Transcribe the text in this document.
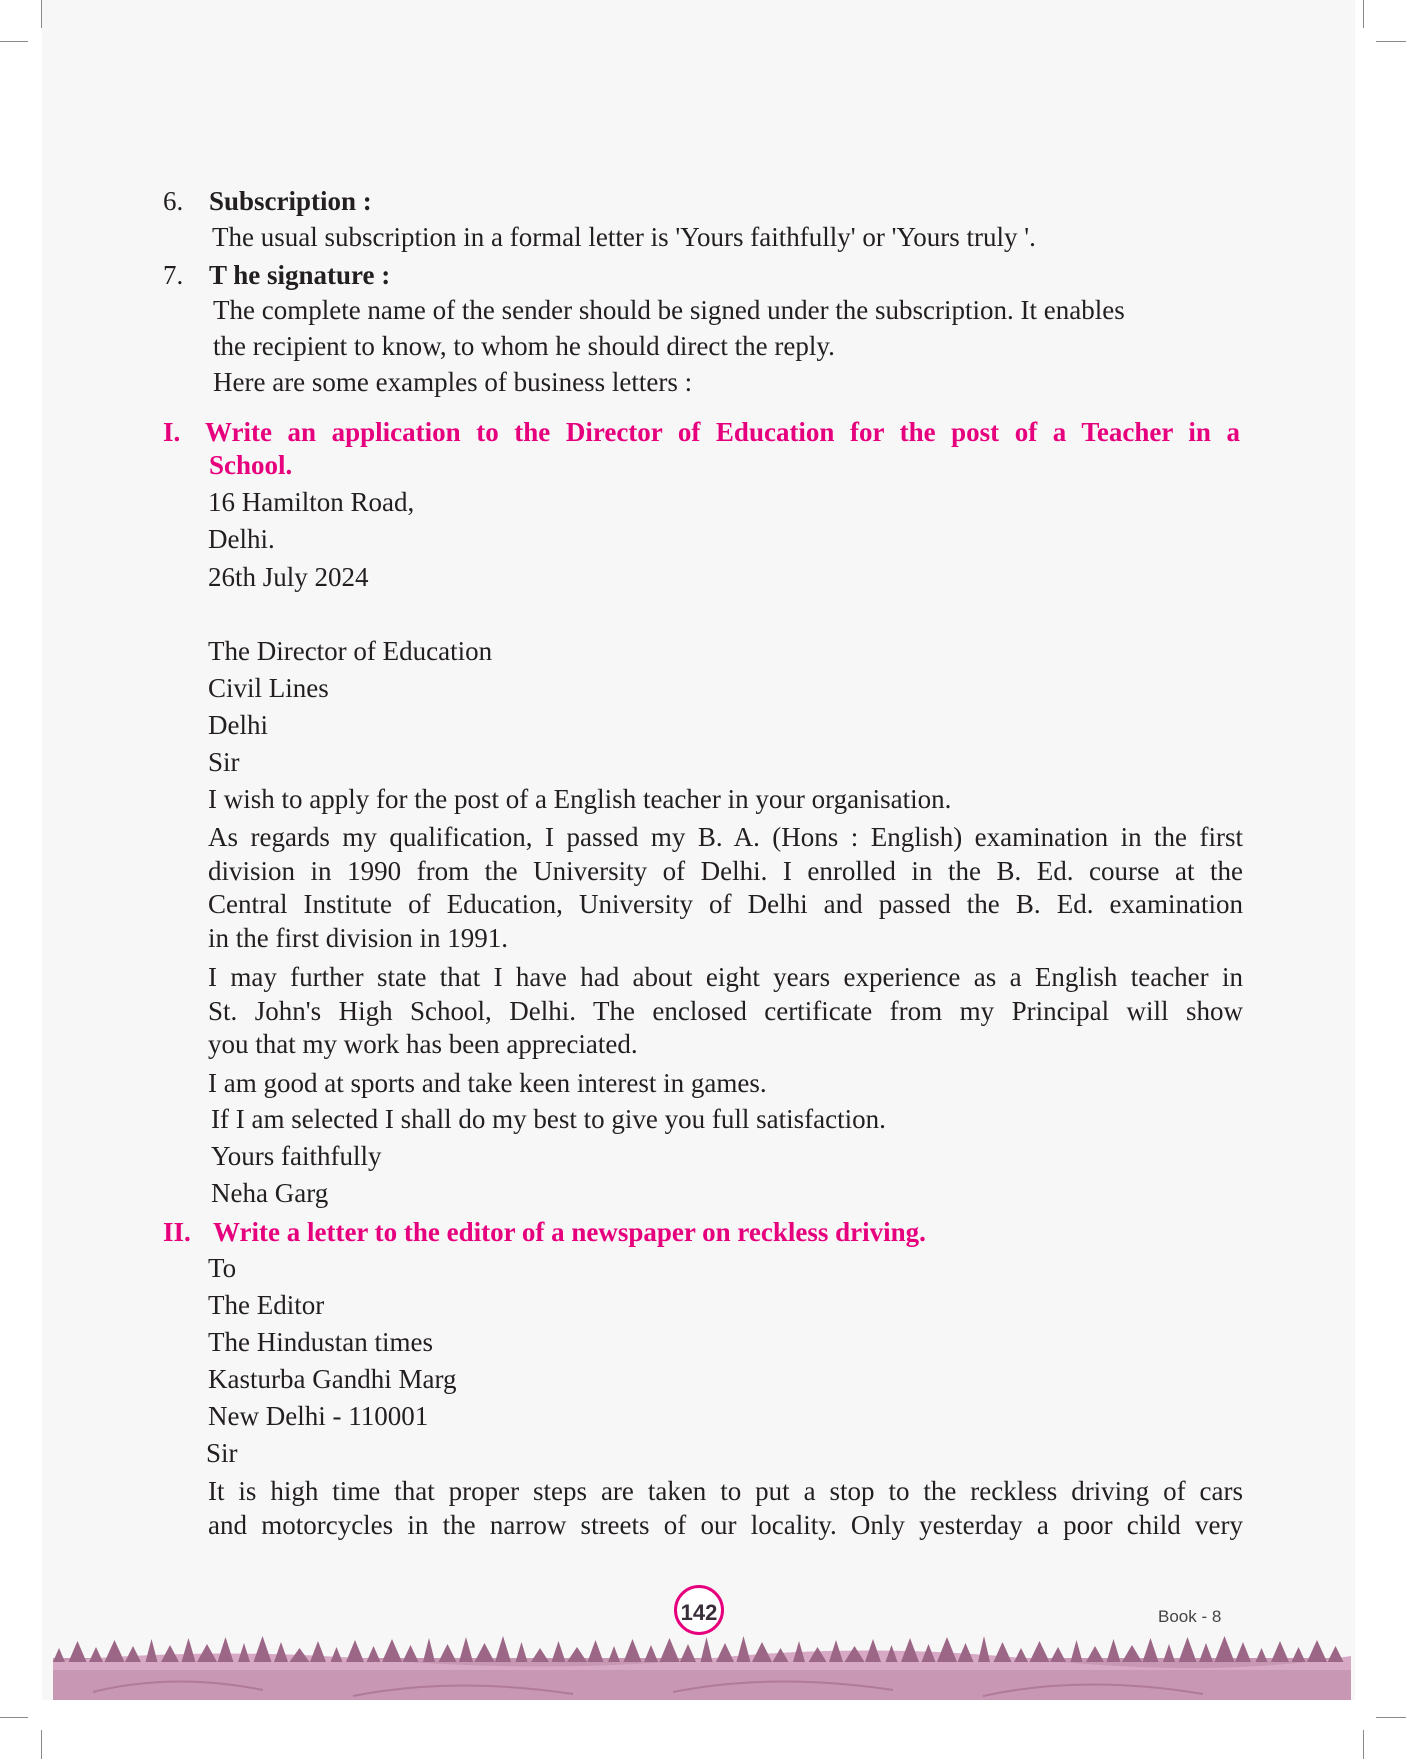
6. Subscription :
The usual subscription in a formal letter is 'Yours faithfully' or 'Yours truly '.
7. T he signature :
The complete name of the sender should be signed under the subscription. It enables
the recipient to know, to whom he should direct the reply.
Here are some examples of business letters :
I. Write an application to the Director of Education for the post of a Teacher in a
School.
16 Hamilton Road,
Delhi.
26th July 2024
The Director of Education
Civil Lines
Delhi
Sir
I wish to apply for the post of a English teacher in your organisation.
As regards my qualification, I passed my B. A. (Hons : English) examination in the first
division in 1990 from the University of Delhi. I enrolled in the B. Ed. course at the
Central Institute of Education, University of Delhi and passed the B. Ed. examination
in the first division in 1991.
I may further state that I have had about eight years experience as a English teacher in
St. John's High School, Delhi. The enclosed certificate from my Principal will show
you that my work has been appreciated.
I am good at sports and take keen interest in games.
If I am selected I shall do my best to give you full satisfaction.
Yours faithfully
Neha Garg
II. Write a letter to the editor of a newspaper on reckless driving.
To
The Editor
The Hindustan times
Kasturba Gandhi Marg
New Delhi - 110001
Sir
It is high time that proper steps are taken to put a stop to the reckless driving of cars
and motorcycles in the narrow streets of our locality. Only yesterday a poor child very
142	Book - 8
